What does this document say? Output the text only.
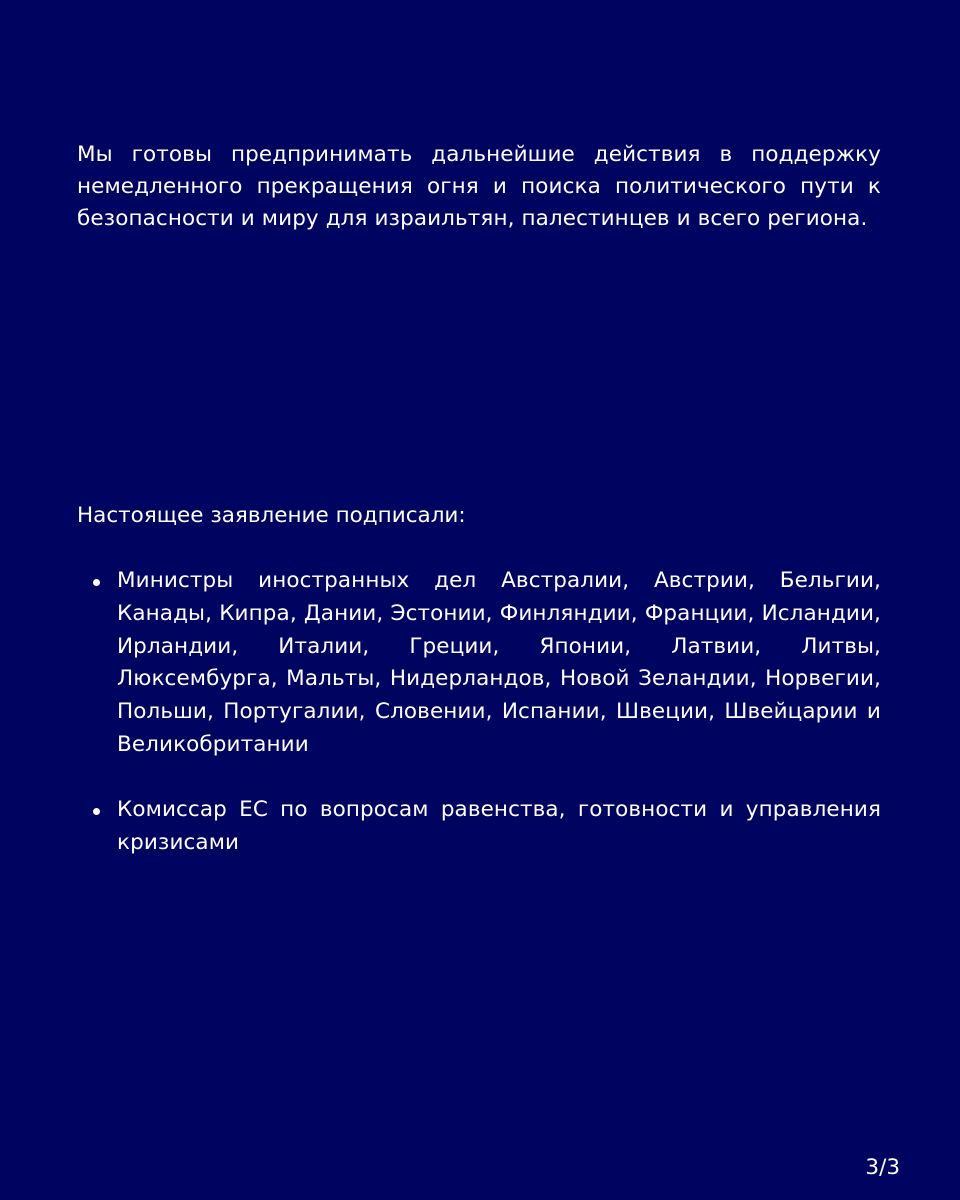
Мы готовы предпринимать дальнейшие действия в поддержку немедленного прекращения огня и поиска политического пути к безопасности и миру для израильтян, палестинцев и всего региона.

Настоящее заявление подписали:

Министры иностранных дел Австралии, Австрии, Бельгии, Канады, Кипра, Дании, Эстонии, Финляндии, Франции, Исландии, Ирландии, Италии, Греции, Японии, Латвии, Литвы, Люксембурга, Мальты, Нидерландов, Новой Зеландии, Норвегии, Польши, Португалии, Словении, Испании, Швеции, Швейцарии и Великобритании
Комиссар ЕС по вопросам равенства, готовности и управления кризисами

3/3
